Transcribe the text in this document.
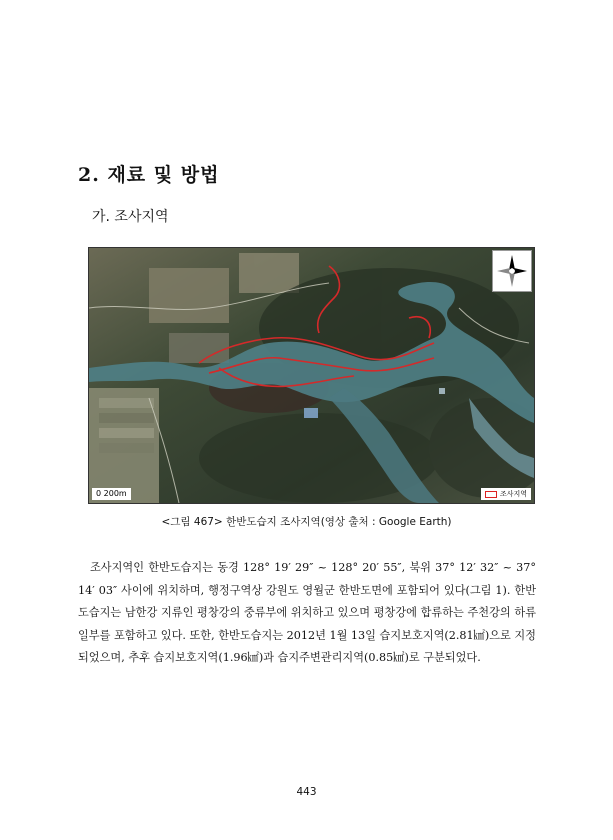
2. 재료 및 방법
가. 조사지역
0 200m	조사지역
<그림 467> 한반도습지 조사지역(영상 출처 : Google Earth)
조사지역인 한반도습지는 동경 128° 19′ 29″ ~ 128° 20′ 55″, 북위 37° 12′ 32″ ~ 37° 14′ 03″ 사이에 위치하며, 행정구역상 강원도 영월군 한반도면에 포함되어 있다(그림 1). 한반도습지는 남한강 지류인 평창강의 중류부에 위치하고 있으며 평창강에 합류하는 주천강의 하류 일부를 포함하고 있다. 또한, 한반도습지는 2012년 1월 13일 습지보호지역(2.81㎢)으로 지정되었으며, 추후 습지보호지역(1.96㎢)과 습지주변관리지역(0.85㎢)로 구분되었다.
443
